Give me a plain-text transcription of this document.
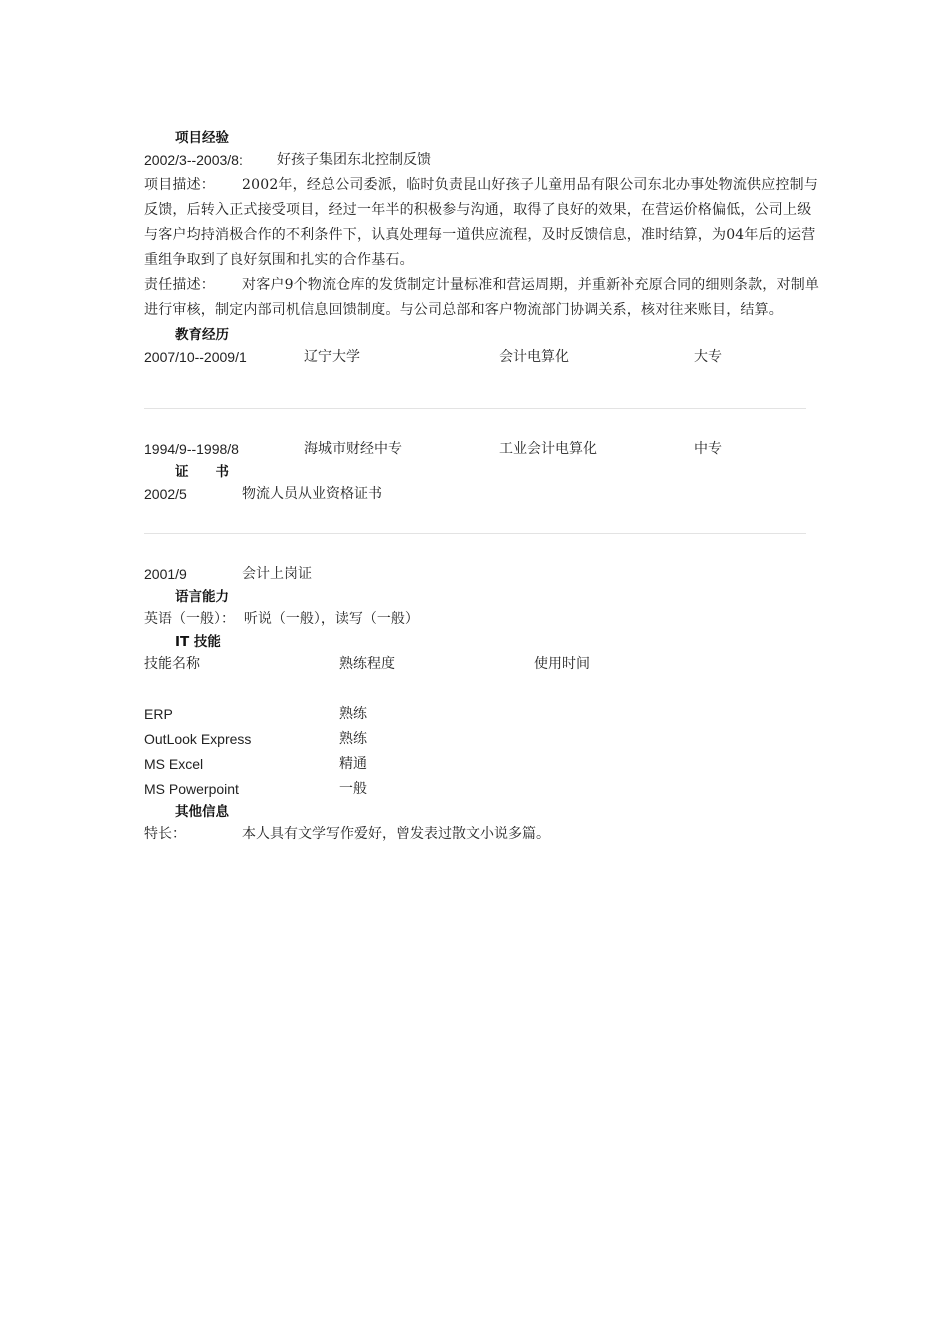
项目经验
2002/3--2003/8: 好孩子集团东北控制反馈
项目描述： 2002年，经总公司委派，临时负责昆山好孩子儿童用品有限公司东北办事处物流供应控制与反馈，后转入正式接受项目，经过一年半的积极参与沟通，取得了良好的效果，在营运价格偏低，公司上级与客户均持消极合作的不利条件下，认真处理每一道供应流程，及时反馈信息，准时结算，为04年后的运营重组争取到了良好氛围和扎实的合作基石。
责任描述： 对客户9个物流仓库的发货制定计量标准和营运周期，并重新补充原合同的细则条款，对制单进行审核，制定内部司机信息回馈制度。与公司总部和客户物流部门协调关系，核对往来账目，结算。
教育经历
2007/10--2009/1	辽宁大学	会计电算化	大专
1994/9--1998/8	海城市财经中专	工业会计电算化	中专
证　　书
2002/5	物流人员从业资格证书
2001/9	会计上岗证
语言能力
英语（一般）：  听说（一般），读写（一般）
IT 技能
技能名称	熟练程度	使用时间
ERP	熟练
OutLook Express	熟练
MS Excel	精通
MS Powerpoint	一般
其他信息
特长：	本人具有文学写作爱好，曾发表过散文小说多篇。
